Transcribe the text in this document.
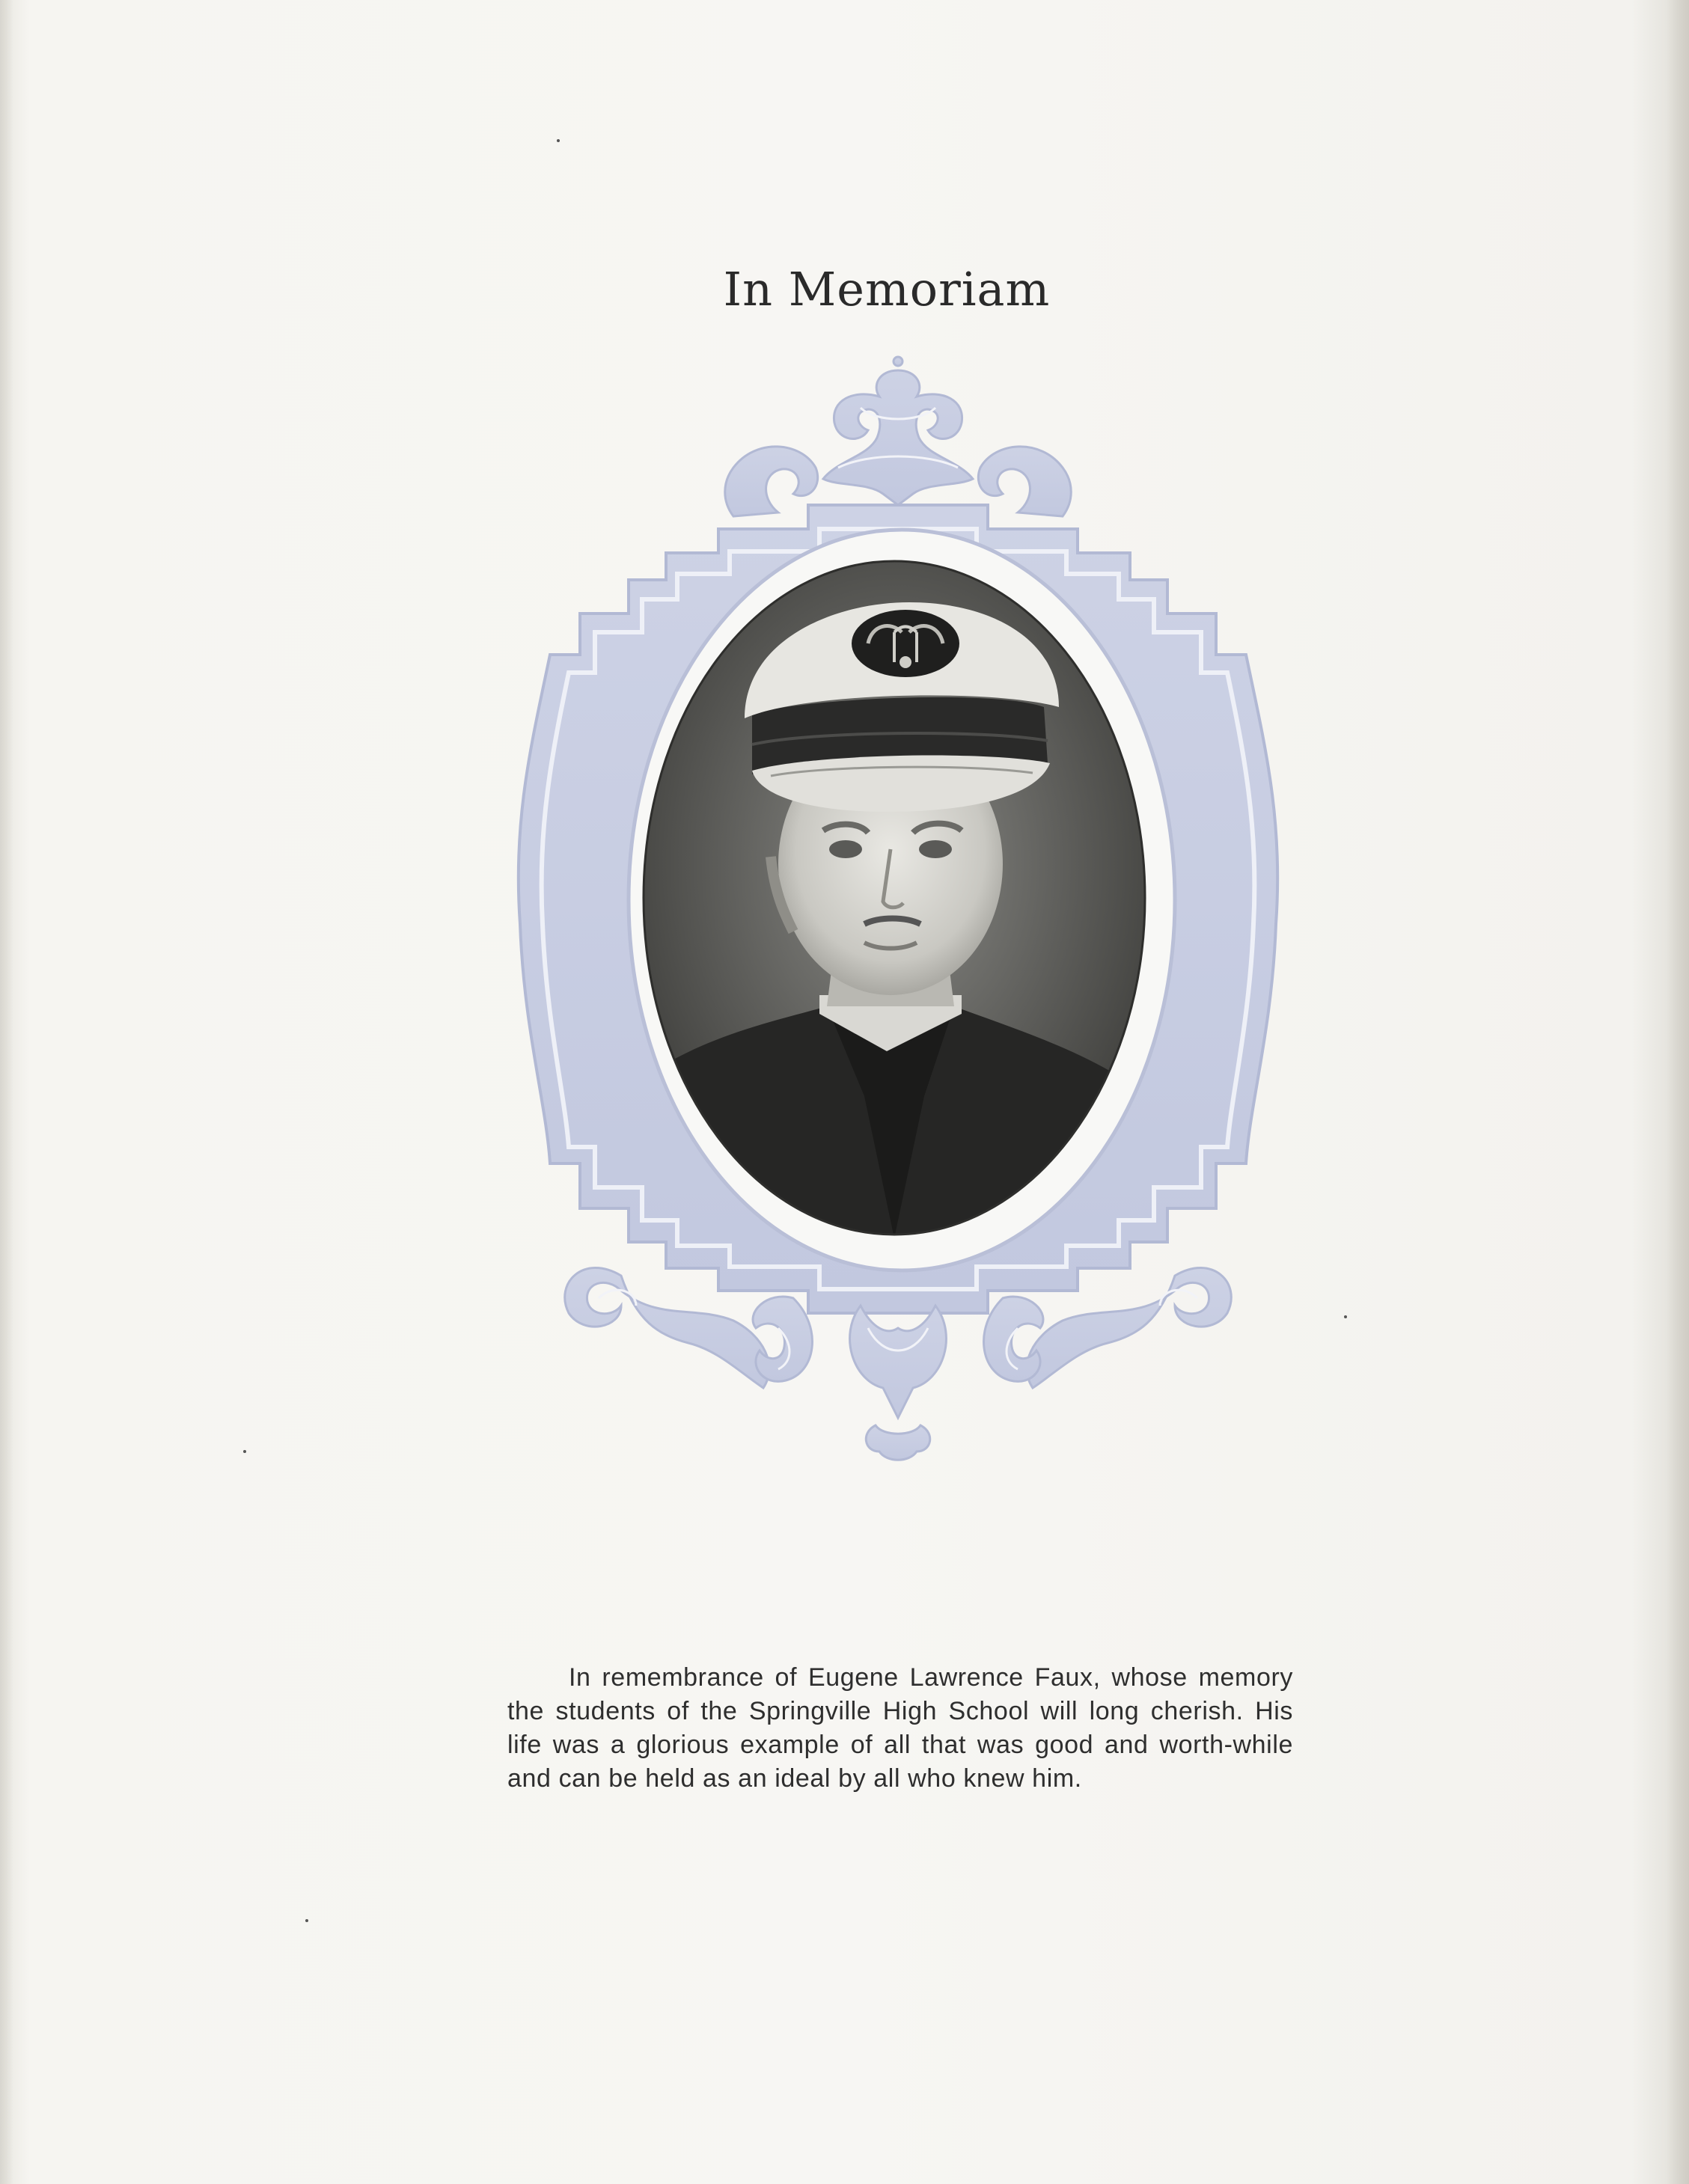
In Memoriam
In remembrance of Eugene Lawrence Faux, whose memory the students of the Springville High School will long cherish. His life was a glorious example of all that was good and worth-while and can be held as an ideal by all who knew him.
